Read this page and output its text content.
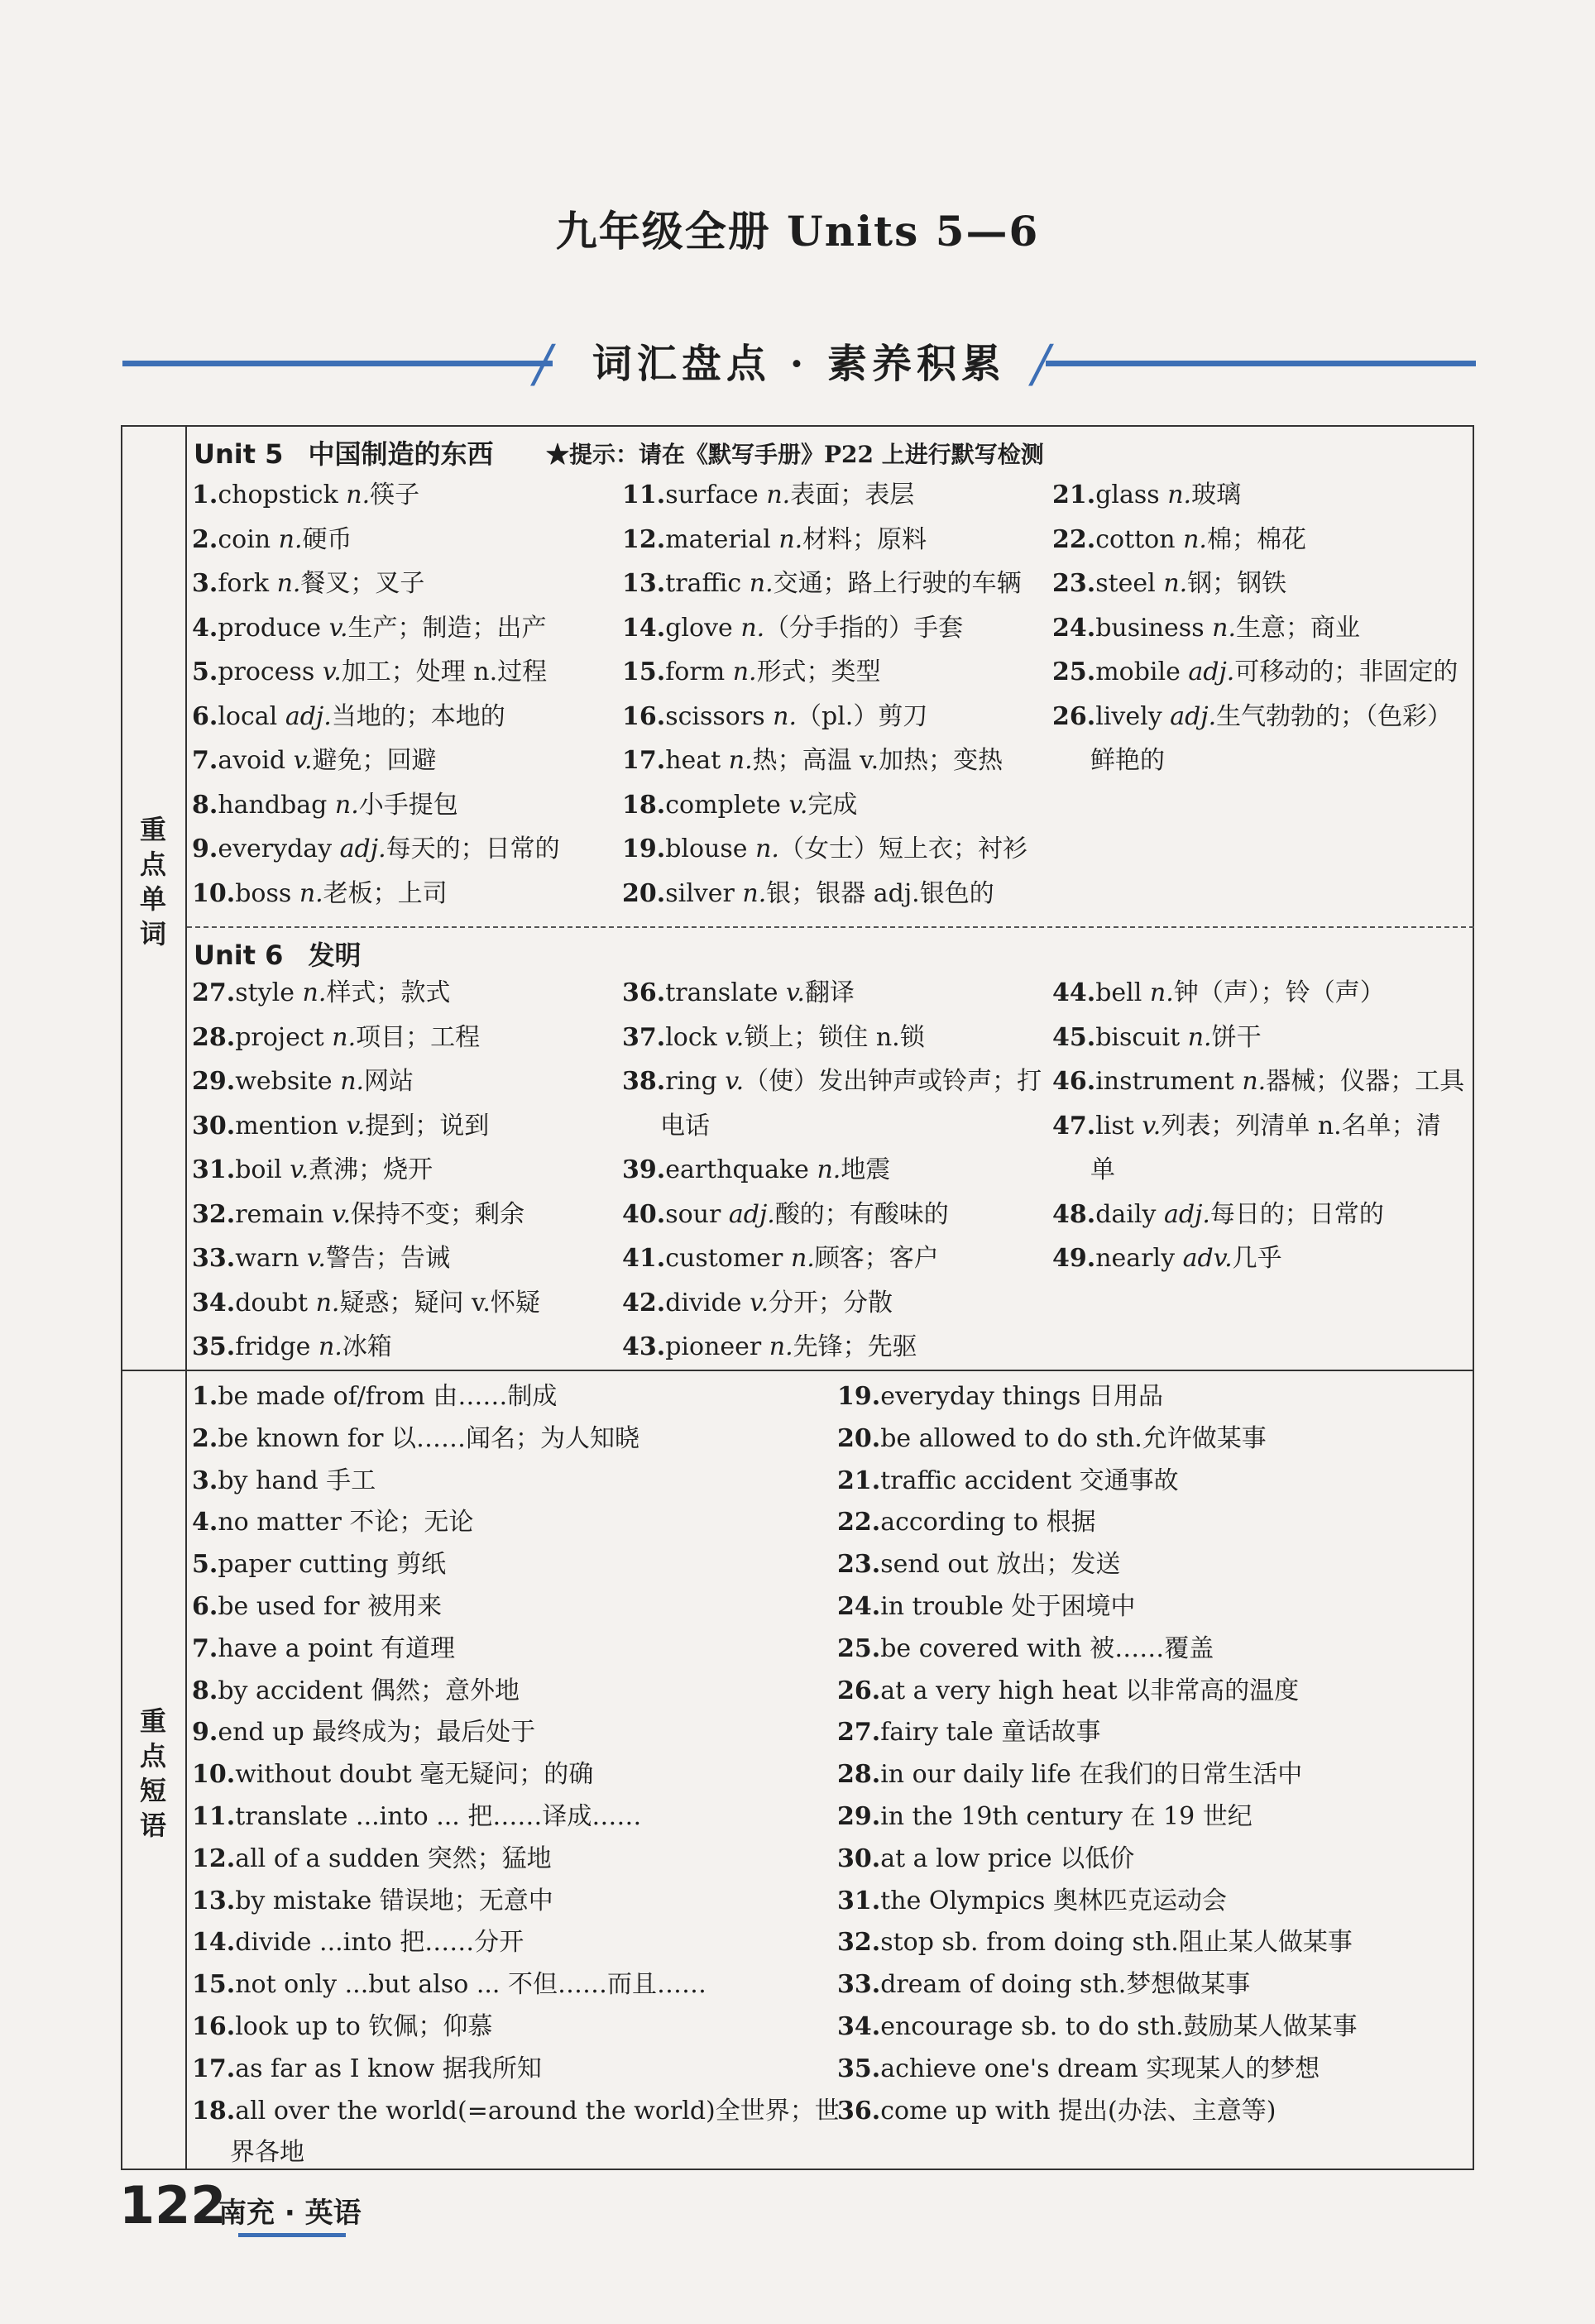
九年级全册 Units 5—6
/	词汇盘点 · 素养积累 /
重
点
单
词
重
点
短
语
Unit 5 中国制造的东西 ★提示：请在《默写手册》P22 上进行默写检测
1.chopstick n.筷子
2.coin n.硬币
3.fork n.餐叉；叉子
4.produce v.生产；制造；出产
5.process v.加工；处理 n.过程
6.local adj.当地的；本地的
7.avoid v.避免；回避
8.handbag n.小手提包
9.everyday adj.每天的；日常的
10.boss n.老板；上司
11.surface n.表面；表层
12.material n.材料；原料
13.traffic n.交通；路上行驶的车辆
14.glove n.（分手指的）手套
15.form n.形式；类型
16.scissors n.（pl.）剪刀
17.heat n.热；高温 v.加热；变热
18.complete v.完成
19.blouse n.（女士）短上衣；衬衫
20.silver n.银；银器 adj.银色的
21.glass n.玻璃
22.cotton n.棉；棉花
23.steel n.钢；钢铁
24.business n.生意；商业
25.mobile adj.可移动的；非固定的
26.lively adj.生气勃勃的；（色彩）鲜艳的
Unit 6 发明
27.style n.样式；款式
28.project n.项目；工程
29.website n.网站
30.mention v.提到；说到
31.boil v.煮沸；烧开
32.remain v.保持不变；剩余
33.warn v.警告；告诫
34.doubt n.疑惑；疑问 v.怀疑
35.fridge n.冰箱
36.translate v.翻译
37.lock v.锁上；锁住 n.锁
38.ring v.（使）发出钟声或铃声；打电话
39.earthquake n.地震
40.sour adj.酸的；有酸味的
41.customer n.顾客；客户
42.divide v.分开；分散
43.pioneer n.先锋；先驱
44.bell n.钟（声）；铃（声）
45.biscuit n.饼干
46.instrument n.器械；仪器；工具
47.list v.列表；列清单 n.名单；清单
48.daily adj.每日的；日常的
49.nearly adv.几乎
1.be made of/from 由……制成
2.be known for 以……闻名；为人知晓
3.by hand 手工
4.no matter 不论；无论
5.paper cutting 剪纸
6.be used for 被用来
7.have a point 有道理
8.by accident 偶然；意外地
9.end up 最终成为；最后处于
10.without doubt 毫无疑问；的确
11.translate ...into ... 把……译成……
12.all of a sudden 突然；猛地
13.by mistake 错误地；无意中
14.divide ...into 把……分开
15.not only ...but also ... 不但……而且……
16.look up to 钦佩；仰慕
17.as far as I know 据我所知
18.all over the world(=around the world)全世界；世界各地
19.everyday things 日用品
20.be allowed to do sth.允许做某事
21.traffic accident 交通事故
22.according to 根据
23.send out 放出；发送
24.in trouble 处于困境中
25.be covered with 被……覆盖
26.at a very high heat 以非常高的温度
27.fairy tale 童话故事
28.in our daily life 在我们的日常生活中
29.in the 19th century 在 19 世纪
30.at a low price 以低价
31.the Olympics 奥林匹克运动会
32.stop sb. from doing sth.阻止某人做某事
33.dream of doing sth.梦想做某事
34.encourage sb. to do sth.鼓励某人做某事
35.achieve one's dream 实现某人的梦想
36.come up with 提出(办法、主意等)
122
南充 · 英语
